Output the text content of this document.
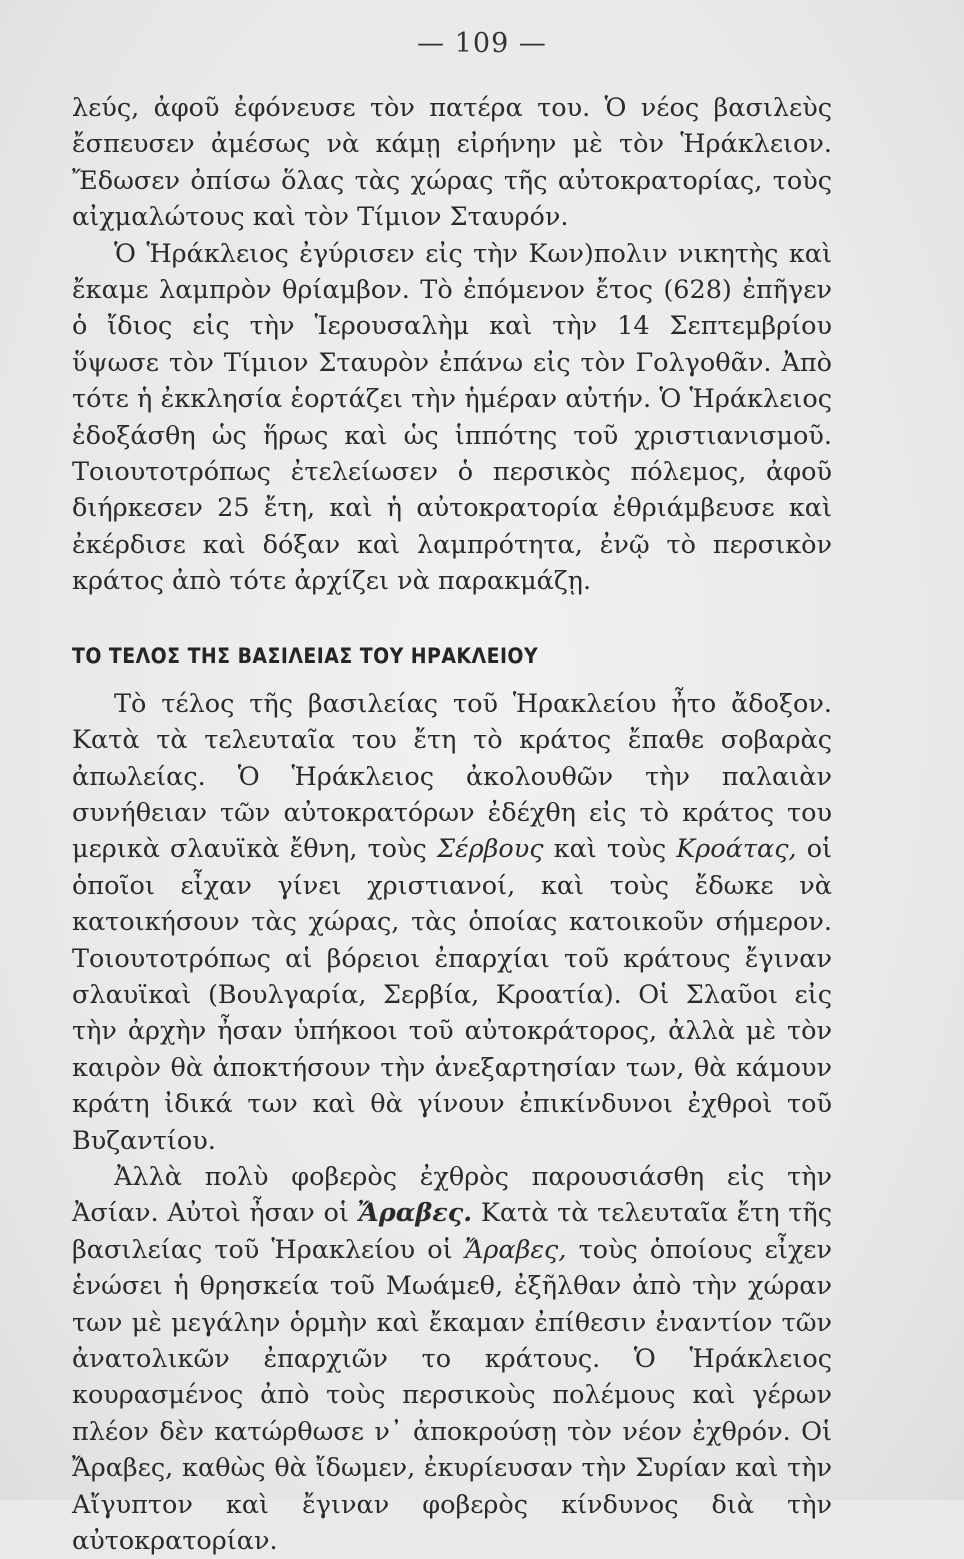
— 109 —

λεύς, ἀφοῦ ἐφόνευσε τὸν πατέρα του. Ὁ νέος βασιλεὺς ἔσπευσεν ἀμέσως νὰ κάμῃ εἰρήνην μὲ τὸν Ἡράκλειον. Ἔδωσεν ὀπίσω ὅλας τὰς χώρας τῆς αὐτοκρατορίας, τοὺς αἰχμαλώτους καὶ τὸν Τίμιον Σταυρόν.

Ὁ Ἡράκλειος ἐγύρισεν εἰς τὴν Κων)πολιν νικητὴς καὶ ἔκαμε λαμπρὸν θρίαμβον. Τὸ ἐπόμενον ἔτος (628) ἐπῆγεν ὁ ἴδιος εἰς τὴν Ἱερουσαλὴμ καὶ τὴν 14 Σεπτεμβρίου ὕψωσε τὸν Τίμιον Σταυρὸν ἐπάνω εἰς τὸν Γολγοθᾶν. Ἀπὸ τότε ἡ ἐκκλησία ἑορτάζει τὴν ἡμέραν αὐτήν. Ὁ Ἡράκλειος ἐδοξάσθη ὡς ἥρως καὶ ὡς ἱππότης τοῦ χριστιανισμοῦ. Τοιουτοτρόπως ἐτελείωσεν ὁ περσικὸς πόλεμος, ἀφοῦ διήρκεσεν 25 ἔτη, καὶ ἡ αὐτοκρατορία ἐθριάμβευσε καὶ ἐκέρδισε καὶ δόξαν καὶ λαμπρότητα, ἐνῷ τὸ περσικὸν κράτος ἀπὸ τότε ἀρχίζει νὰ παρακμάζῃ.

ΤΟ ΤΕΛΟΣ ΤΗΣ ΒΑΣΙΛΕΙΑΣ ΤΟΥ ΗΡΑΚΛΕΙΟΥ

Τὸ τέλος τῆς βασιλείας τοῦ Ἡρακλείου ἦτο ἄδοξον. Κατὰ τὰ τελευταῖα του ἔτη τὸ κράτος ἔπαθε σοβαρὰς ἀπωλείας. Ὁ Ἡράκλειος ἀκολουθῶν τὴν παλαιὰν συνήθειαν τῶν αὐτοκρατόρων ἐδέχθη εἰς τὸ κράτος του μερικὰ σλαυϊκὰ ἔθνη, τοὺς Σέρβους καὶ τοὺς Κροάτας, οἱ ὁποῖοι εἶχαν γίνει χριστιανοί, καὶ τοὺς ἔδωκε νὰ κατοικήσουν τὰς χώρας, τὰς ὁποίας κατοικοῦν σήμερον. Τοιουτοτρόπως αἱ βόρειοι ἐπαρχίαι τοῦ κράτους ἔγιναν σλαυϊκαὶ (Βουλγαρία, Σερβία, Κροατία). Οἱ Σλαῦοι εἰς τὴν ἀρχὴν ἦσαν ὑπήκοοι τοῦ αὐτοκράτορος, ἀλλὰ μὲ τὸν καιρὸν θὰ ἀποκτήσουν τὴν ἀνεξαρτησίαν των, θὰ κάμουν κράτη ἰδικά των καὶ θὰ γίνουν ἐπικίνδυνοι ἐχθροὶ τοῦ Βυζαντίου.

Ἀλλὰ πολὺ φοβερὸς ἐχθρὸς παρουσιάσθη εἰς τὴν Ἀσίαν. Αὐτοὶ ἦσαν οἱ Ἄραβες. Κατὰ τὰ τελευταῖα ἔτη τῆς βασιλείας τοῦ Ἡρακλείου οἱ Ἄραβες, τοὺς ὁποίους εἶχεν ἑνώσει ἡ θρησκεία τοῦ Μωάμεθ, ἐξῆλθαν ἀπὸ τὴν χώραν των μὲ μεγάλην ὁρμὴν καὶ ἔκαμαν ἐπίθεσιν ἐναντίον τῶν ἀνατολικῶν ἐπαρχιῶν το κράτους. Ὁ Ἡράκλειος κουρασμένος ἀπὸ τοὺς περσικοὺς πολέμους καὶ γέρων πλέον δὲν κατώρθωσε ν᾿ ἀποκρούσῃ τὸν νέον ἐχθρόν. Οἱ Ἄραβες, καθὼς θὰ ἴδωμεν, ἐκυρίευσαν τὴν Συρίαν καὶ τὴν Αἴγυπτον καὶ ἔγιναν φοβερὸς κίνδυνος διὰ τὴν αὐτοκρατορίαν.
